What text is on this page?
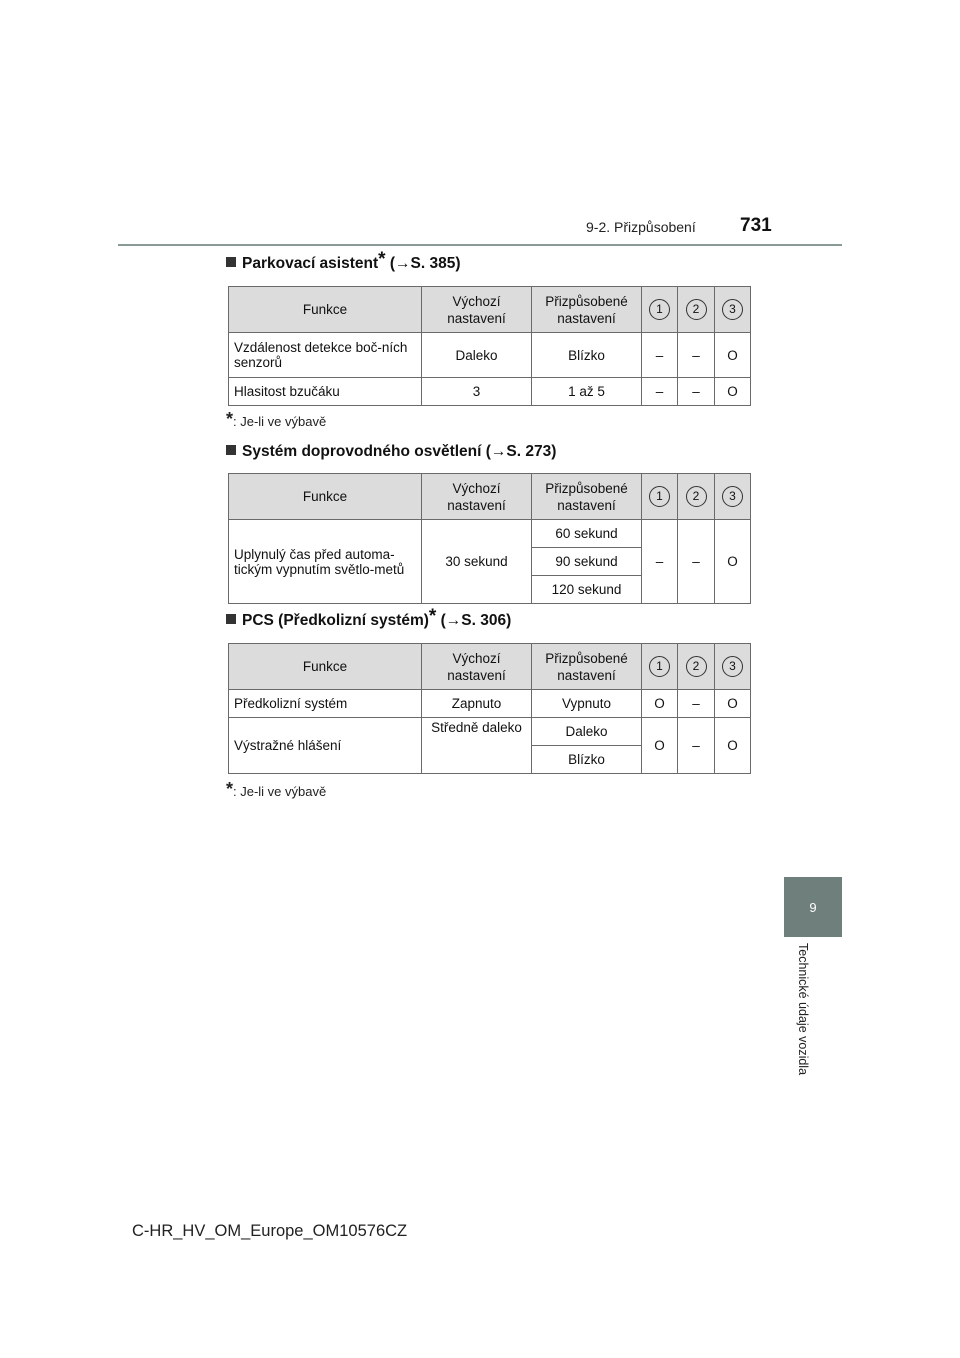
9-2. Přizpůsobení 731
9
Technické údaje vozidla
Parkovací asistent* (→S. 385)
Funkce	Výchozí nastavení	Přizpůsobené nastavení	1	2	3
Vzdálenost detekce boč-ních senzorů	Daleko	Blízko	–	–	O
Hlasitost bzučáku	3	1 až 5	–	–	O
*: Je-li ve výbavě
Systém doprovodného osvětlení (→S. 273)
Funkce	Výchozí nastavení	Přizpůsobené nastavení	1	2	3
Uplynulý čas před automa-tickým vypnutím světlo-metů	30 sekund	60 sekund	–	–	O
		90 sekund			
		120 sekund			
PCS (Předkolizní systém)* (→S. 306)
Funkce	Výchozí nastavení	Přizpůsobené nastavení	1	2	3
Předkolizní systém	Zapnuto	Vypnuto	O	–	O
Výstražné hlášení	Středně daleko	Daleko	O	–	O
		Blízko			
*: Je-li ve výbavě
C-HR_HV_OM_Europe_OM10576CZ
